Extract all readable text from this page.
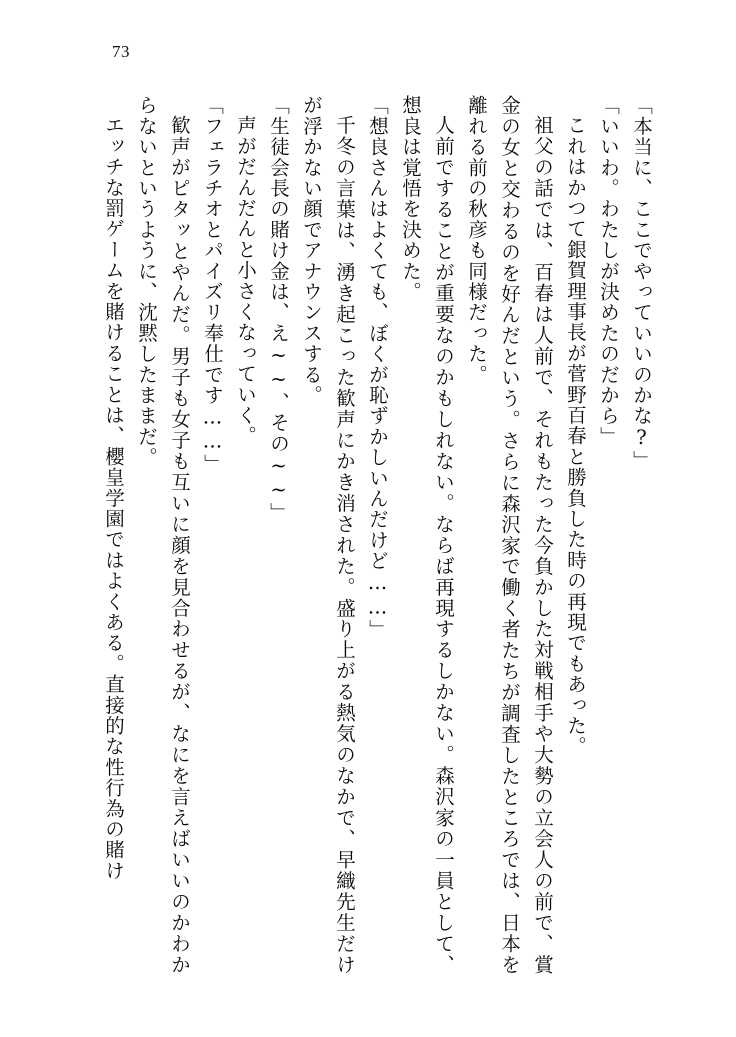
73

「本当に、ここでやっていいのかな?」

「いいわ。わたしが決めたのだから」

これはかつて銀賀理事長が菅野百春と勝負した時の再現でもあった。

祖父の話では、百春は人前で、それもたった今負かした対戦相手や大勢の立会人の前で、賞金の女と交わるのを好んだという。さらに森沢家で働く者たちが調査したところでは、日本を離れる前の秋彦も同様だった。

人前ですることが重要なのかもしれない。ならば再現するしかない。森沢家の一員として、想良は覚悟を決めた。

「想良さんはよくても、ぼくが恥ずかしいんだけど……」

千冬の言葉は、湧き起こった歓声にかき消された。盛り上がる熱気のなかで、早織先生だけが浮かない顔でアナウンスする。

「生徒会長の賭け金は、え~~、その~~」

声がだんだんと小さくなっていく。

「フェラチオとパイズリ奉仕です……」

歓声がピタッとやんだ。男子も女子も互いに顔を見合わせるが、なにを言えばいいのかわからないというように、沈黙したままだ。

エッチな罰ゲームを賭けることは、櫻皇学園ではよくある。直接的な性行為の賭け
